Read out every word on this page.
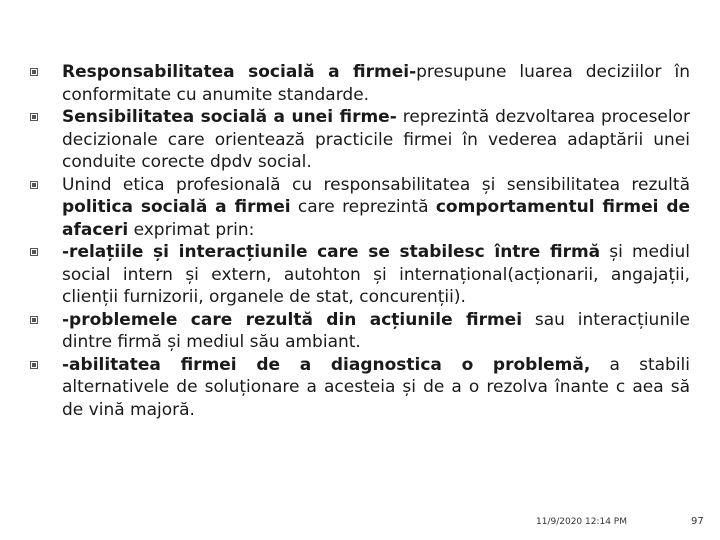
Responsabilitatea socială a firmei-presupune luarea deciziilor în conformitate cu anumite standarde.
Sensibilitatea socială a unei firme- reprezintă dezvoltarea proceselor decizionale care orientează practicile firmei în vederea adaptării unei conduite corecte dpdv social.
Unind etica profesională cu responsabilitatea și sensibilitatea rezultă politica socială a firmei care reprezintă comportamentul firmei de afaceri exprimat prin:
-relațiile și interacțiunile care se stabilesc între firmă și mediul social intern și extern, autohton și internațional(acționarii, angajații, clienții furnizorii, organele de stat, concurenții).
-problemele care rezultă din acțiunile firmei sau interacțiunile dintre firmă și mediul său ambiant.
-abilitatea firmei de a diagnostica o problemă, a stabili alternativele de soluționare a acesteia și de a o rezolva înante c aea să de vină majoră.
11/9/2020 12:14 PM	97
